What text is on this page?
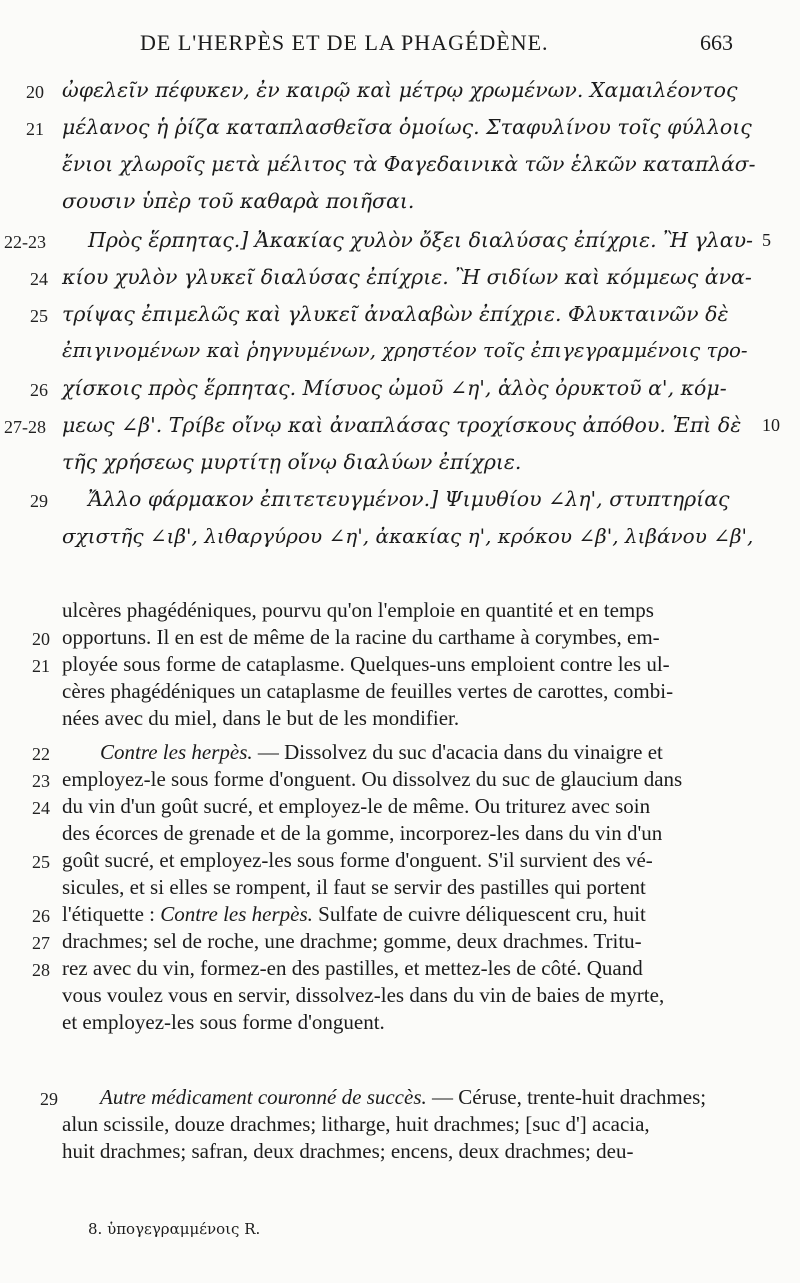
DE L'HERPÈS ET DE LA PHAGÉDÈNE.	663
20 ὠφελεῖν πέφυκεν, ἐν καιρῷ καὶ μέτρῳ χρωμένων. Χαμαιλέοντος
21 μέλανος ἡ ῥίζα καταπλασθεῖσα ὁμοίως. Σταφυλίνου τοῖς φύλλοις
ἔνιοι χλωροῖς μετὰ μέλιτος τὰ Φαγεδαινικὰ τῶν ἑλκῶν καταπλάσ-
σουσιν ὑπὲρ τοῦ καθαρὰ ποιῆσαι.
22-23 Πρὸς ἕρπητας.] Ἀκακίας χυλὸν ὄξει διαλύσας ἐπίχριε. Ἢ γλαυ- 5
24 κίου χυλὸν γλυκεῖ διαλύσας ἐπίχριε. Ἢ σιδίων καὶ κόμμεως ἀνα-
25 τρίψας ἐπιμελῶς καὶ γλυκεῖ ἀναλαβὼν ἐπίχριε. Φλυκταινῶν δὲ
ἐπιγινομένων καὶ ῥηγνυμένων, χρηστέον τοῖς ἐπιγεγραμμένοις τρο-
26 χίσκοις πρὸς ἕρπητας. Μίσυος ὠμοῦ ∠η', ἁλὸς ὀρυκτοῦ α', κόμ-
27-28 μεως ∠β'. Τρίβε οἴνῳ καὶ ἀναπλάσας τροχίσκους ἀπόθου. Ἐπὶ δὲ 10
τῆς χρήσεως μυρτίτῃ οἴνῳ διαλύων ἐπίχριε.
29 Ἄλλο φάρμακον ἐπιτετευγμένον.] Ψιμυθίου ∠λη', στυπτηρίας
σχιστῆς ∠ιβ', λιθαργύρου ∠η', ἀκακίας η', κρόκου ∠β', λιβάνου ∠β',
ulcères phagédéniques, pourvu qu'on l'emploie en quantité et en temps
20 opportuns. Il en est de même de la racine du carthame à corymbes, em-
21 ployée sous forme de cataplasme. Quelques-uns emploient contre les ul-
cères phagédéniques un cataplasme de feuilles vertes de carottes, combi-
nées avec du miel, dans le but de les mondifier.
22 Contre les herpès. — Dissolvez du suc d'acacia dans du vinaigre et
23 employez-le sous forme d'onguent. Ou dissolvez du suc de glaucium dans
24 du vin d'un goût sucré, et employez-le de même. Ou triturez avec soin
des écorces de grenade et de la gomme, incorporez-les dans du vin d'un
25 goût sucré, et employez-les sous forme d'onguent. S'il survient des vé-
sicules, et si elles se rompent, il faut se servir des pastilles qui portent
26 l'étiquette : Contre les herpès. Sulfate de cuivre déliquescent cru, huit
27 drachmes; sel de roche, une drachme; gomme, deux drachmes. Tritu-
28 rez avec du vin, formez-en des pastilles, et mettez-les de côté. Quand
vous voulez vous en servir, dissolvez-les dans du vin de baies de myrte,
et employez-les sous forme d'onguent.
29 Autre médicament couronné de succès. — Céruse, trente-huit drachmes;
alun scissile, douze drachmes; litharge, huit drachmes; [suc d'] acacia,
huit drachmes; safran, deux drachmes; encens, deux drachmes; deu-
8. ὑπογεγραμμένοις R.
